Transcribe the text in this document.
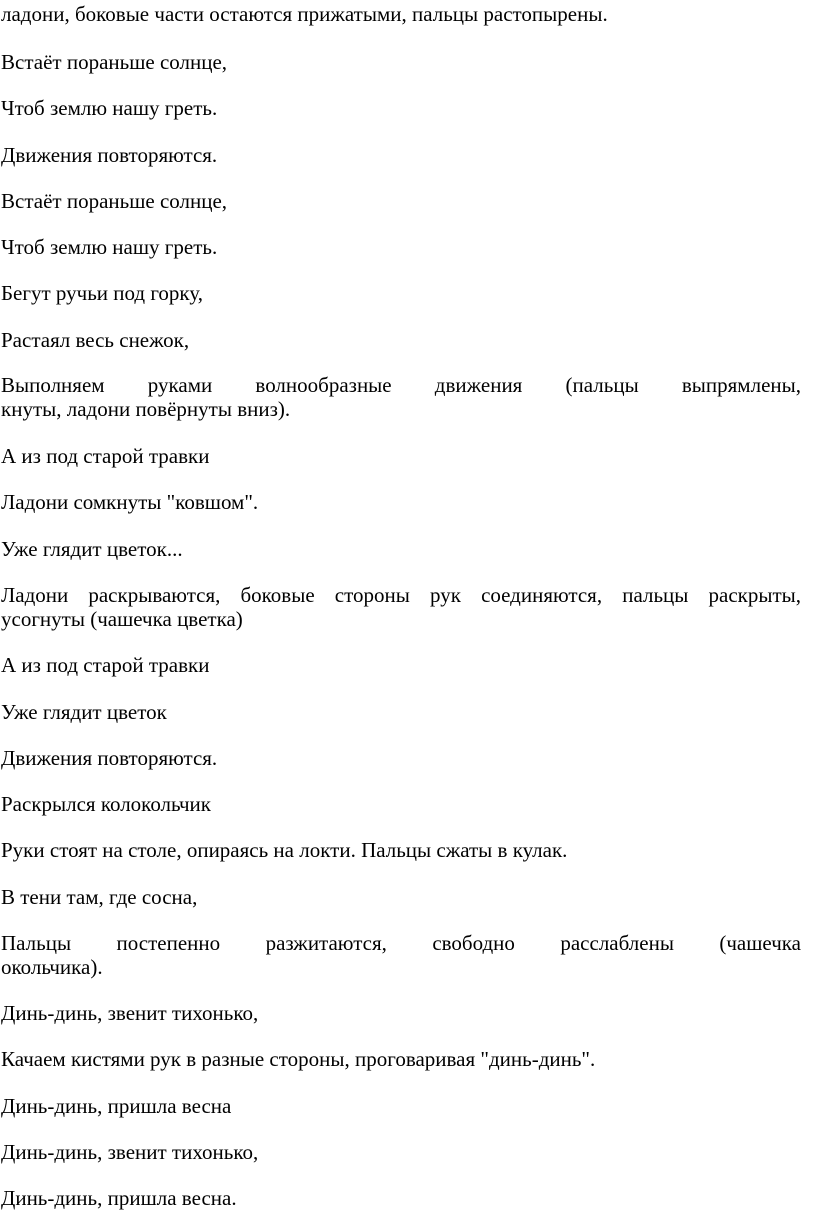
ладони, боковые части остаются прижатыми, пальцы растопырены.
Встаёт пораньше солнце,
Чтоб землю нашу греть.
Движения повторяются.
Встаёт пораньше солнце,
Чтоб землю нашу греть.
Бегут ручьи под горку,
Растаял весь снежок,
Выполняем руками волнообразные движения (пальцы выпрямлены,
кнуты, ладони повёрнуты вниз).
А из под старой травки
Ладони сомкнуты "ковшом".
Уже глядит цветок...
Ладони раскрываются, боковые стороны рук соединяются, пальцы раскрыты,
усогнуты (чашечка цветка)
А из под старой травки
Уже глядит цветок
Движения повторяются.
Раскрылся колокольчик
Руки стоят на столе, опираясь на локти. Пальцы сжаты в кулак.
В тени там, где сосна,
Пальцы постепенно разжитаются, свободно расслаблены (чашечка
окольчика).
Динь-динь, звенит тихонько,
Качаем кистями рук в разные стороны, проговаривая "динь-динь".
Динь-динь, пришла весна
Динь-динь, звенит тихонько,
Динь-динь, пришла весна.
